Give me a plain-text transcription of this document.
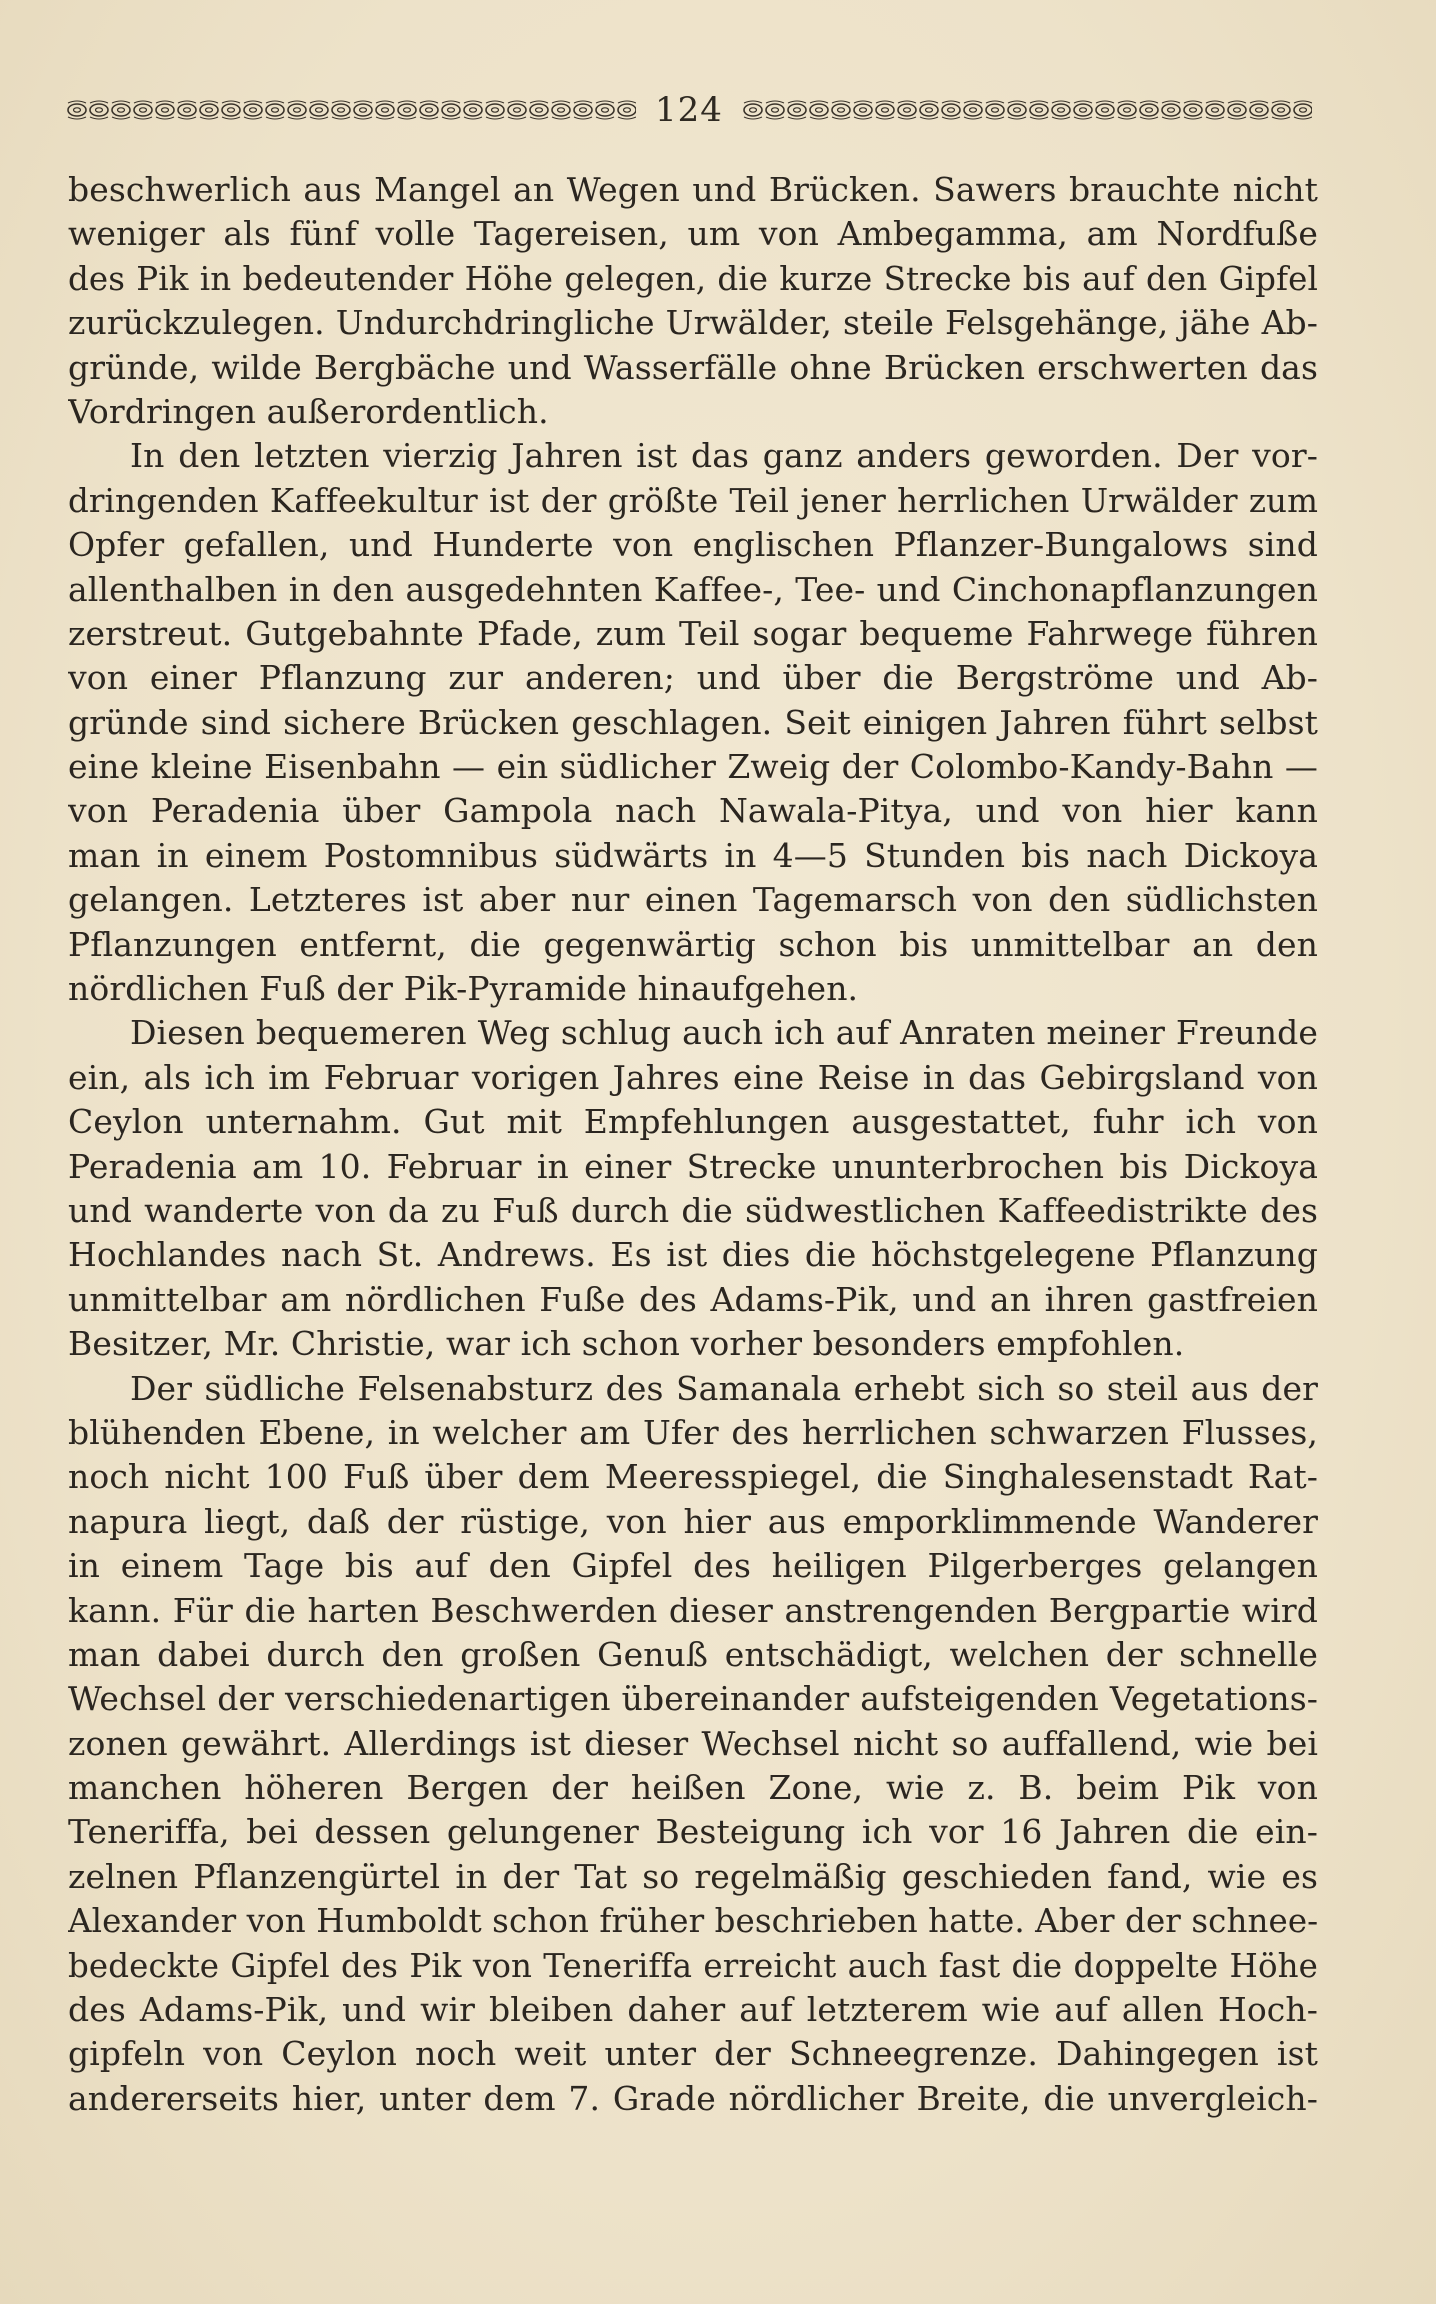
124
beschwerlich aus Mangel an Wegen und Brücken. Sawers brauchte nicht
weniger als fünf volle Tagereisen, um von Ambegamma, am Nordfuße
des Pik in bedeutender Höhe gelegen, die kurze Strecke bis auf den Gipfel
zurückzulegen. Undurchdringliche Urwälder, steile Felsgehänge, jähe Ab-
gründe, wilde Bergbäche und Wasserfälle ohne Brücken erschwerten das
Vordringen außerordentlich.
In den letzten vierzig Jahren ist das ganz anders geworden. Der vor-
dringenden Kaffeekultur ist der größte Teil jener herrlichen Urwälder zum
Opfer gefallen, und Hunderte von englischen Pflanzer-Bungalows sind
allenthalben in den ausgedehnten Kaffee-, Tee- und Cinchonapflanzungen
zerstreut. Gutgebahnte Pfade, zum Teil sogar bequeme Fahrwege führen
von einer Pflanzung zur anderen; und über die Bergströme und Ab-
gründe sind sichere Brücken geschlagen. Seit einigen Jahren führt selbst
eine kleine Eisenbahn — ein südlicher Zweig der Colombo-Kandy-Bahn —
von Peradenia über Gampola nach Nawala-Pitya, und von hier kann
man in einem Postomnibus südwärts in 4—5 Stunden bis nach Dickoya
gelangen. Letzteres ist aber nur einen Tagemarsch von den südlichsten
Pflanzungen entfernt, die gegenwärtig schon bis unmittelbar an den
nördlichen Fuß der Pik-Pyramide hinaufgehen.
Diesen bequemeren Weg schlug auch ich auf Anraten meiner Freunde
ein, als ich im Februar vorigen Jahres eine Reise in das Gebirgsland von
Ceylon unternahm. Gut mit Empfehlungen ausgestattet, fuhr ich von
Peradenia am 10. Februar in einer Strecke ununterbrochen bis Dickoya
und wanderte von da zu Fuß durch die südwestlichen Kaffeedistrikte des
Hochlandes nach St. Andrews. Es ist dies die höchstgelegene Pflanzung
unmittelbar am nördlichen Fuße des Adams-Pik, und an ihren gastfreien
Besitzer, Mr. Christie, war ich schon vorher besonders empfohlen.
Der südliche Felsenabsturz des Samanala erhebt sich so steil aus der
blühenden Ebene, in welcher am Ufer des herrlichen schwarzen Flusses,
noch nicht 100 Fuß über dem Meeresspiegel, die Singhalesenstadt Rat-
napura liegt, daß der rüstige, von hier aus emporklimmende Wanderer
in einem Tage bis auf den Gipfel des heiligen Pilgerberges gelangen
kann. Für die harten Beschwerden dieser anstrengenden Bergpartie wird
man dabei durch den großen Genuß entschädigt, welchen der schnelle
Wechsel der verschiedenartigen übereinander aufsteigenden Vegetations-
zonen gewährt. Allerdings ist dieser Wechsel nicht so auffallend, wie bei
manchen höheren Bergen der heißen Zone, wie z. B. beim Pik von
Teneriffa, bei dessen gelungener Besteigung ich vor 16 Jahren die ein-
zelnen Pflanzengürtel in der Tat so regelmäßig geschieden fand, wie es
Alexander von Humboldt schon früher beschrieben hatte. Aber der schnee-
bedeckte Gipfel des Pik von Teneriffa erreicht auch fast die doppelte Höhe
des Adams-Pik, und wir bleiben daher auf letzterem wie auf allen Hoch-
gipfeln von Ceylon noch weit unter der Schneegrenze. Dahingegen ist
andererseits hier, unter dem 7. Grade nördlicher Breite, die unvergleich-
